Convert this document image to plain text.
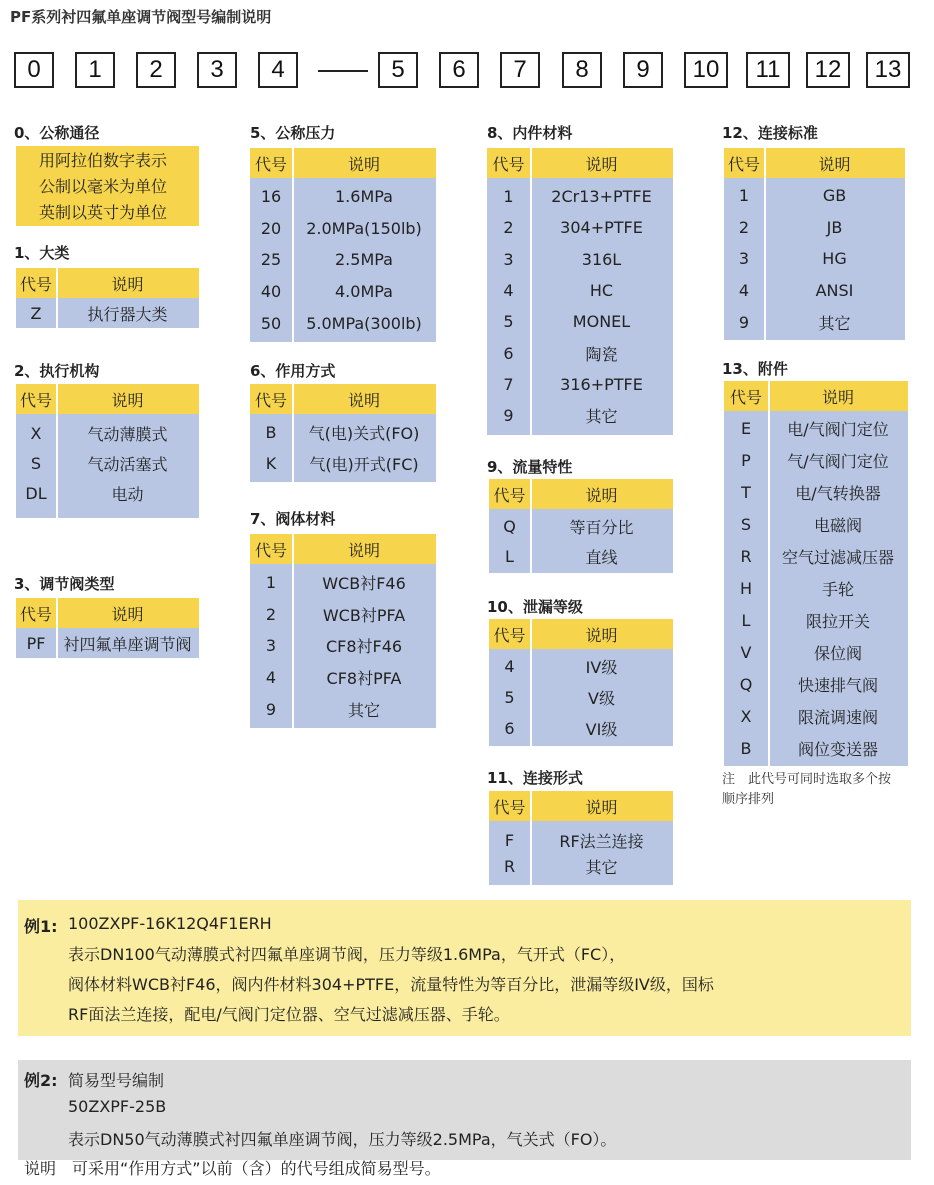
PF系列衬四氟单座调节阀型号编制说明
0	1	2	3	4	5	6	7	8	9	10	11	12	13
0、公称通径
用阿拉伯数字表示
公制以毫米为单位
英制以英寸为单位
1、大类
代号	说明
Z	执行器大类
2、执行机构
代号	说明
X	气动薄膜式
S	气动活塞式
DL	电动
3、调节阀类型
代号	说明
PF	衬四氟单座调节阀
5、公称压力
代号	说明
16	1.6MPa
20	2.0MPa(150lb)
25	2.5MPa
40	4.0MPa
50	5.0MPa(300lb)
6、作用方式
代号	说明
B	气(电)关式(FO)
K	气(电)开式(FC)
7、阀体材料
代号	说明
1	WCB衬F46
2	WCB衬PFA
3	CF8衬F46
4	CF8衬PFA
9	其它
8、内件材料
代号	说明
1	2Cr13+PTFE
2	304+PTFE
3	316L
4	HC
5	MONEL
6	陶瓷
7	316+PTFE
9	其它
9、流量特性
代号	说明
Q	等百分比
L	直线
10、泄漏等级
代号	说明
4	IV级
5	V级
6	VI级
11、连接形式
代号	说明
F	RF法兰连接
R	其它
12、连接标准
代号	说明
1	GB
2	JB
3	HG
4	ANSI
9	其它
13、附件
代号	说明
E	电/气阀门定位
P	气/气阀门定位
T	电/气转换器
S	电磁阀
R	空气过滤减压器
H	手轮
L	限拉开关
V	保位阀
Q	快速排气阀
X	限流调速阀
B	阀位变送器
注　此代号可同时选取多个按
顺序排列
例1: 100ZXPF-16K12Q4F1ERH
表示DN100气动薄膜式衬四氟单座调节阀，压力等级1.6MPa，气开式（FC），
阀体材料WCB衬F46，阀内件材料304+PTFE，流量特性为等百分比，泄漏等级IV级，国标
RF面法兰连接，配电/气阀门定位器、空气过滤减压器、手轮。
例2: 简易型号编制
50ZXPF-25B
表示DN50气动薄膜式衬四氟单座调节阀，压力等级2.5MPa，气关式（FO）。
说明　可采用“作用方式”以前（含）的代号组成简易型号。
